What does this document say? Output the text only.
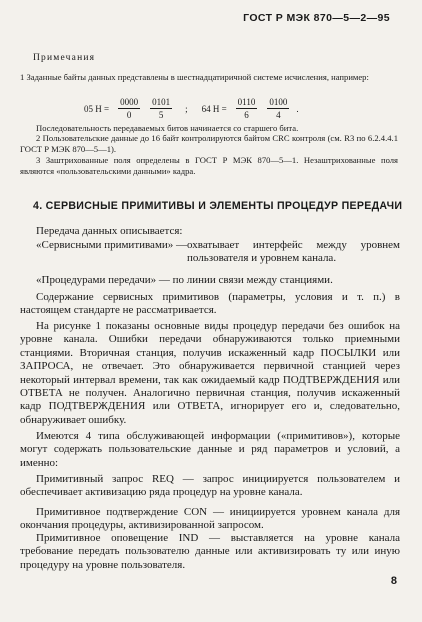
ГОСТ Р МЭК 870—5—2—95
Примечания
1 Заданные байты данных представлены в шестнадцатиричной системе исчисления, например:
05 $H = \frac{0000}{0} \frac{0101}{5}$ ; 64 $H = \frac{0110}{6} \frac{0100}{4}$ .
Последовательность передаваемых битов начинается со старшего бита.
2 Пользовательские данные до 16 байт контролируются байтом CRC контроля (см. R3 по 6.2.4.4.1 ГОСТ Р МЭК 870—5—1).
3 Заштрихованные поля определены в ГОСТ Р МЭК 870—5—1. Незаштрихованные поля являются «пользовательскими данными» кадра.
4. СЕРВИСНЫЕ ПРИМИТИВЫ И ЭЛЕМЕНТЫ ПРОЦЕДУР ПЕРЕДАЧИ
Передача данных описывается:
«Сервисными примитивами» — охватывает интерфейс между уровнем пользователя и уровнем канала.
«Процедурами передачи» — по линии связи между станциями.
Содержание сервисных примитивов (параметры, условия и т. п.) в настоящем стандарте не рассматривается.
На рисунке 1 показаны основные виды процедур передачи без ошибок на уровне канала. Ошибки передачи обнаруживаются только приемными станциями. Вторичная станция, получив искаженный кадр ПОСЫЛКИ или ЗАПРОСА, не отвечает. Это обнаруживается первичной станцией через некоторый интервал времени, так как ожидаемый кадр ПОДТВЕРЖДЕНИЯ или ОТВЕТА не получен. Аналогично первичная станция, получив искаженный кадр ПОДТВЕРЖДЕНИЯ или ОТВЕТА, игнорирует его и, следовательно, обнаруживает ошибку.
Имеются 4 типа обслуживающей информации («примитивов»), которые могут содержать пользовательские данные и ряд параметров и условий, а именно:
Примитивный запрос REQ — запрос инициируется пользователем и обеспечивает активизацию ряда процедур на уровне канала.
Примитивное подтверждение CON — инициируется уровнем канала для окончания процедуры, активизированной запросом.
Примитивное оповещение IND — выставляется на уровне канала требование передать пользователю данные или активизировать ту или иную процедуру на уровне пользователя.
8
